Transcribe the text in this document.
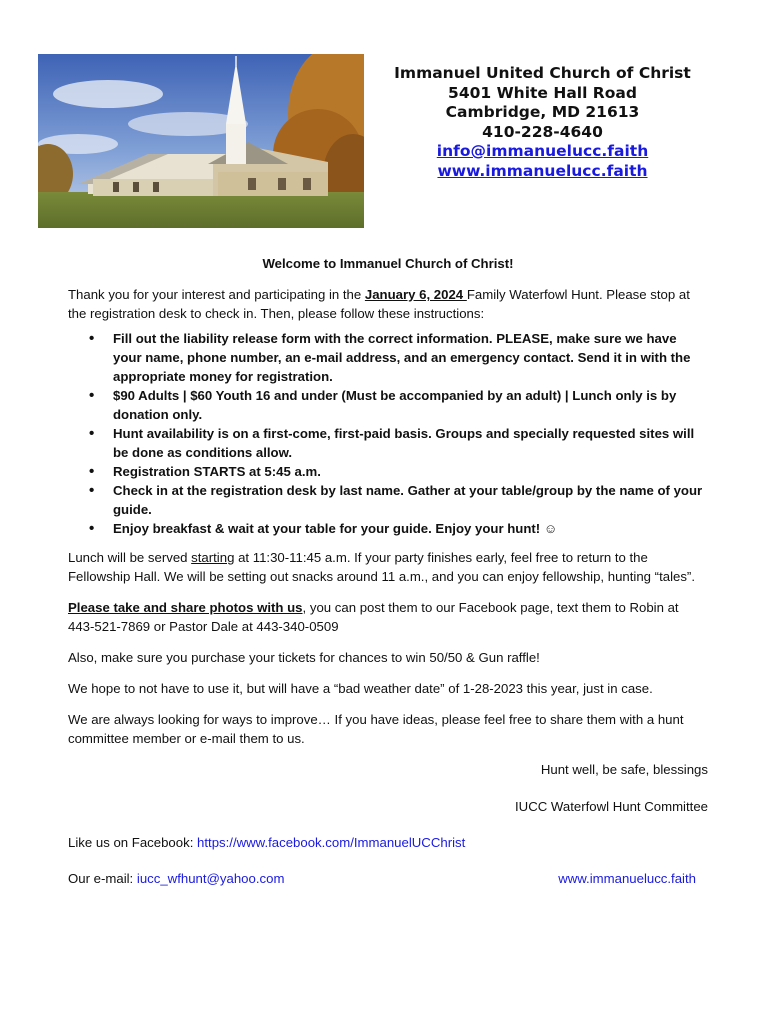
Immanuel United Church of Christ
5401 White Hall Road
Cambridge, MD 21613
410-228-4640
info@immanuelucc.faith
www.immanuelucc.faith

Welcome to Immanuel Church of Christ!

Thank you for your interest and participating in the January 6, 2024 Family Waterfowl Hunt. Please stop at the registration desk to check in. Then, please follow these instructions:

• Fill out the liability release form with the correct information. PLEASE, make sure we have your name, phone number, an e-mail address, and an emergency contact. Send it in with the appropriate money for registration.
• $90 Adults | $60 Youth 16 and under (Must be accompanied by an adult) | Lunch only is by donation only.
• Hunt availability is on a first-come, first-paid basis. Groups and specially requested sites will be done as conditions allow.
• Registration STARTS at 5:45 a.m.
• Check in at the registration desk by last name. Gather at your table/group by the name of your guide.
• Enjoy breakfast & wait at your table for your guide. Enjoy your hunt! ☺

Lunch will be served starting at 11:30-11:45 a.m. If your party finishes early, feel free to return to the Fellowship Hall. We will be setting out snacks around 11 a.m., and you can enjoy fellowship, hunting “tales”.

Please take and share photos with us, you can post them to our Facebook page, text them to Robin at 443-521-7869 or Pastor Dale at 443-340-0509

Also, make sure you purchase your tickets for chances to win 50/50 & Gun raffle!

We hope to not have to use it, but will have a “bad weather date” of 1-28-2023 this year, just in case.

We are always looking for ways to improve… If you have ideas, please feel free to share them with a hunt committee member or e-mail them to us.

Hunt well, be safe, blessings

IUCC Waterfowl Hunt Committee

Like us on Facebook: https://www.facebook.com/ImmanuelUCChrist

Our e-mail: iucc_wfhunt@yahoo.com	www.immanuelucc.faith
